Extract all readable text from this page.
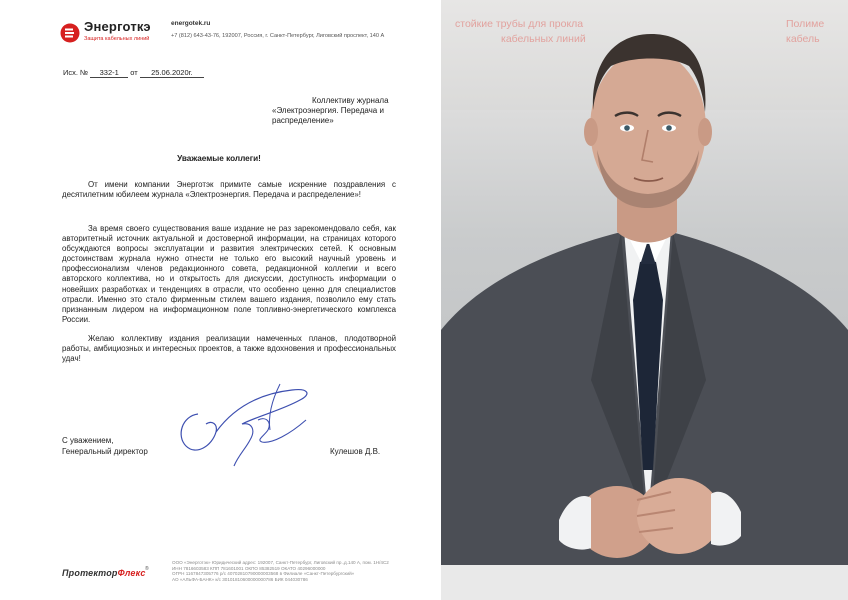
Энерготкэ
Защита кабельных линий
energotek.ru
+7 (812) 643-43-76, 192007, Россия, г. Санкт-Петербург, Лиговский проспект, 140 А
Исх. № 332-1 от 25.06.2020г.
Коллективу журнала
«Электроэнергия. Передача и
распределение»
Уважаемые коллеги!
От имени компании Энерготэк примите самые искренние поздравления с десятилетним юбилеем журнала «Электроэнергия. Передача и распределение»!
За время своего существования ваше издание не раз зарекомендовало себя, как авторитетный источник актуальной и достоверной информации, на страницах которого обсуждаются вопросы эксплуатации и развития электрических сетей. К основным достоинствам журнала нужно отнести не только его высокий научный уровень и профессионализм членов редакционного совета, редакционной коллегии и всего авторского коллектива, но и открытость для дискуссии, доступность информации о новейших разработках и тенденциях в отрасли, что особенно ценно для специалистов отрасли. Именно это стало фирменным стилем вашего издания, позволило ему стать признанным лидером на информационном поле топливно-энергетического комплекса России.
Желаю коллективу издания реализации намеченных планов, плодотворной работы, амбициозных и интересных проектов, а также вдохновения и профессиональных удач!
С уважением,
Генеральный директор	Кулешов Д.В.
ПротекторФлекс ®
ООО «Энерготэк» Юридический адрес: 192007, Санкт-Петербург, Лиговский пр.,д.140 А, пом. 1Н/4С2
ИНН 7816603583 КПП 781601001 ОКПО 85382519 ОКАТО 40296000000
ОГРН 1167847305776 р/с 40702810790000003568 в Филиале «Санкт-Петербургский»
АО «АЛЬФА-БАНК» к/с 30101810600000000786 БИК 044030786
стойкие трубы для прокла
кабельных линий
Полиме
кабель
